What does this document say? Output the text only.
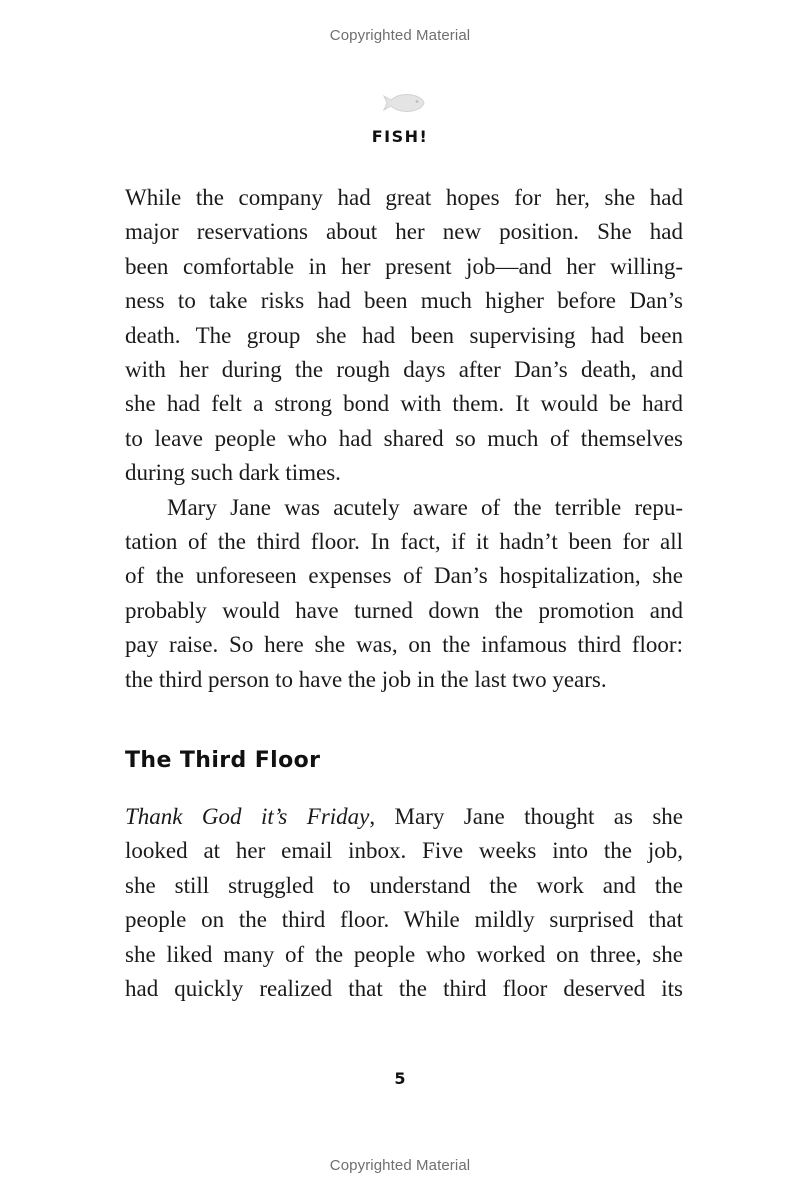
Copyrighted Material
FISH!

While the company had great hopes for her, she had
major reservations about her new position. She had
been comfortable in her present job—and her willing-
ness to take risks had been much higher before Dan’s
death. The group she had been supervising had been
with her during the rough days after Dan’s death, and
she had felt a strong bond with them. It would be hard
to leave people who had shared so much of themselves
during such dark times.

Mary Jane was acutely aware of the terrible repu-
tation of the third floor. In fact, if it hadn’t been for all
of the unforeseen expenses of Dan’s hospitalization, she
probably would have turned down the promotion and
pay raise. So here she was, on the infamous third floor:
the third person to have the job in the last two years.

The Third Floor

Thank God it’s Friday, Mary Jane thought as she
looked at her email inbox. Five weeks into the job,
she still struggled to understand the work and the
people on the third floor. While mildly surprised that
she liked many of the people who worked on three, she
had quickly realized that the third floor deserved its

5
Copyrighted Material
